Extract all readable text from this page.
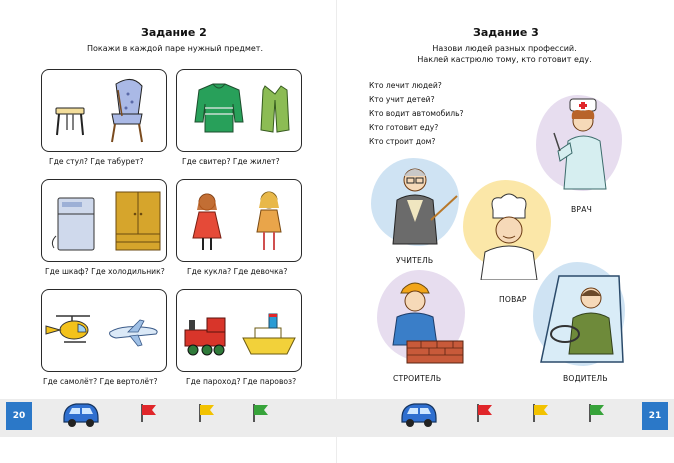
Задание 2
Покажи в каждой паре нужный предмет.
Где стул? Где табурет?	Где свитер? Где жилет?
Где шкаф? Где холодильник?	Где кукла? Где девочка?
Где самолёт? Где вертолёт?	Где пароход? Где паровоз?
Задание 3
Назови людей разных профессий.
Наклей кастрюлю тому, кто готовит еду.
Кто лечит людей?
Кто учит детей?
Кто водит автомобиль?
Кто готовит еду?
Кто строит дом?
ВРАЧ
УЧИТЕЛЬ
ПОВАР
СТРОИТЕЛЬ	ВОДИТЕЛЬ
20	21
